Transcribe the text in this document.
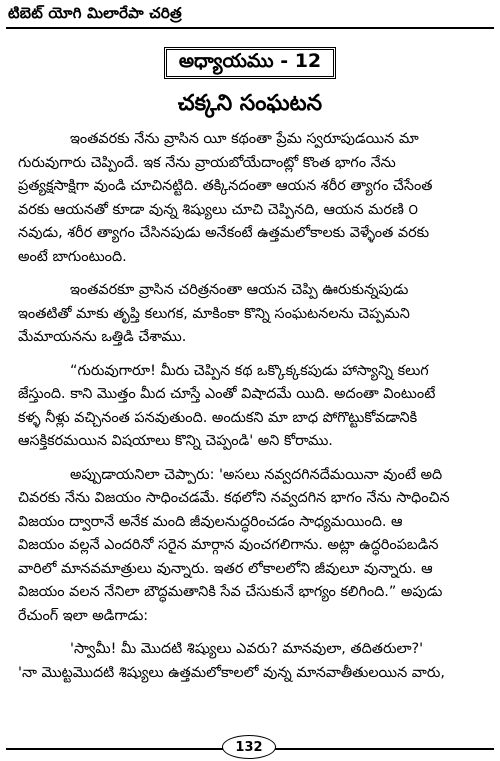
టిబెట్ యోగి మిలారేపా చరిత్ర
అధ్యాయము - 12
చక్కని సంఘటన
ఇంతవరకు నేను వ్రాసిన యీ కథంతా ప్రేమ స్వరూపుడయిన మా
గురువుగారు చెప్పిందే. ఇక నేను వ్రాయబోయేదాంట్లో కొంత భాగం నేను
ప్రత్యక్షసాక్షిగా వుండి చూచినట్టిది. తక్కినదంతా ఆయన శరీర త్యాగం చేసేంత
వరకు ఆయనతో కూడా వున్న శిష్యులు చూచి చెప్పినది, ఆయన మరణి ౦
నవుడు, శరీర త్యాగం చేసినపుడు అనేకంటే ఉత్తమలోకాలకు వెళ్ళేంత వరకు
అంటే బాగుంటుంది.
ఇంతవరకూ వ్రాసిన చరిత్రనంతా ఆయన చెప్పి ఊరుకున్నపుడు
ఇంతటితో మాకు తృప్తి కలుగక, మాకింకా కొన్ని సంఘటనలను చెప్పమని
మేమాయనను ఒత్తిడి చేశాము.
“గురువుగారూ! మీరు చెప్పిన కథ ఒక్కొక్కకపుడు హాస్యాన్ని కలుగ
జేస్తుంది. కాని మొత్తం మీద చూస్తే ఎంతో విషాదమే యిది. అదంతా వింటుంటే
కళ్ళ నీళ్లు వచ్చినంత పనవుతుంది. అందుకని మా బాధ పోగొట్టుకోవడానికి
ఆసక్తికరమయిన విషయాలు కొన్ని చెప్పండి' అని కోరాము.
అప్పుడాయనిలా చెప్పారు: 'అసలు నవ్వదగినదేమయినా వుంటే అది
చివరకు నేను విజయం సాధించడమే. కథలోని నవ్వదగిన భాగం నేను సాధించిన
విజయం ద్వారానే అనేక మంది జీవులనుద్ధరించడం సాధ్యమయింది. ఆ
విజయం వల్లనే ఎందరినో సరైన మార్గాన వుంచగలిగాను. అట్లా ఉద్ధరింపబడిన
వారిలో మానవమాత్రులు వున్నారు. ఇతర లోకాలలోని జీవులూ వున్నారు. ఆ
విజయం వలన నేనిలా బౌద్ధమతానికి సేవ చేసుకునే భాగ్యం కలిగింది.” అపుడు
రేచుంగ్ ఇలా అడిగాడు:
'స్వామీ! మీ మొదటి శిష్యులు ఎవరు? మానవులా, తదితరులా?'
'నా మొట్టమొదటి శిష్యులు ఉత్తమలోకాలలో వున్న మానవాతీతులయిన వారు,
132
